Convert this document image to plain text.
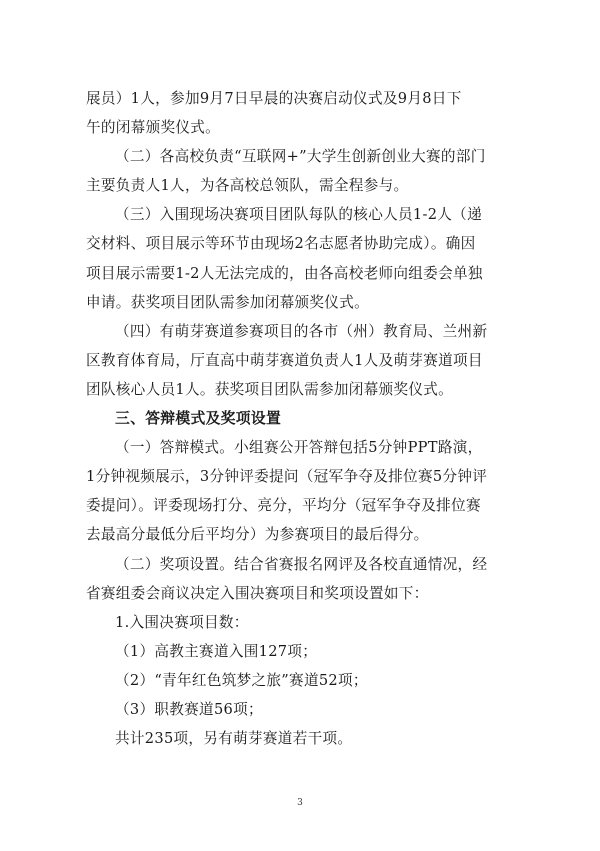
展员）1人，参加9月7日早晨的决赛启动仪式及9月8日下
午的闭幕颁奖仪式。
（二）各高校负责“互联网+”大学生创新创业大赛的部门
主要负责人1人，为各高校总领队，需全程参与。
（三）入围现场决赛项目团队每队的核心人员1-2人（递
交材料、项目展示等环节由现场2名志愿者协助完成）。确因
项目展示需要1-2人无法完成的，由各高校老师向组委会单独
申请。获奖项目团队需参加闭幕颁奖仪式。
（四）有萌芽赛道参赛项目的各市（州）教育局、兰州新
区教育体育局，厅直高中萌芽赛道负责人1人及萌芽赛道项目
团队核心人员1人。获奖项目团队需参加闭幕颁奖仪式。
三、答辩模式及奖项设置
（一）答辩模式。小组赛公开答辩包括5分钟PPT路演，
1分钟视频展示，3分钟评委提问（冠军争夺及排位赛5分钟评
委提问）。评委现场打分、亮分，平均分（冠军争夺及排位赛
去最高分最低分后平均分）为参赛项目的最后得分。
（二）奖项设置。结合省赛报名网评及各校直通情况，经
省赛组委会商议决定入围决赛项目和奖项设置如下：
1.入围决赛项目数：
（1）高教主赛道入围127项；
（2）“青年红色筑梦之旅”赛道52项；
（3）职教赛道56项；
共计235项，另有萌芽赛道若干项。
3
